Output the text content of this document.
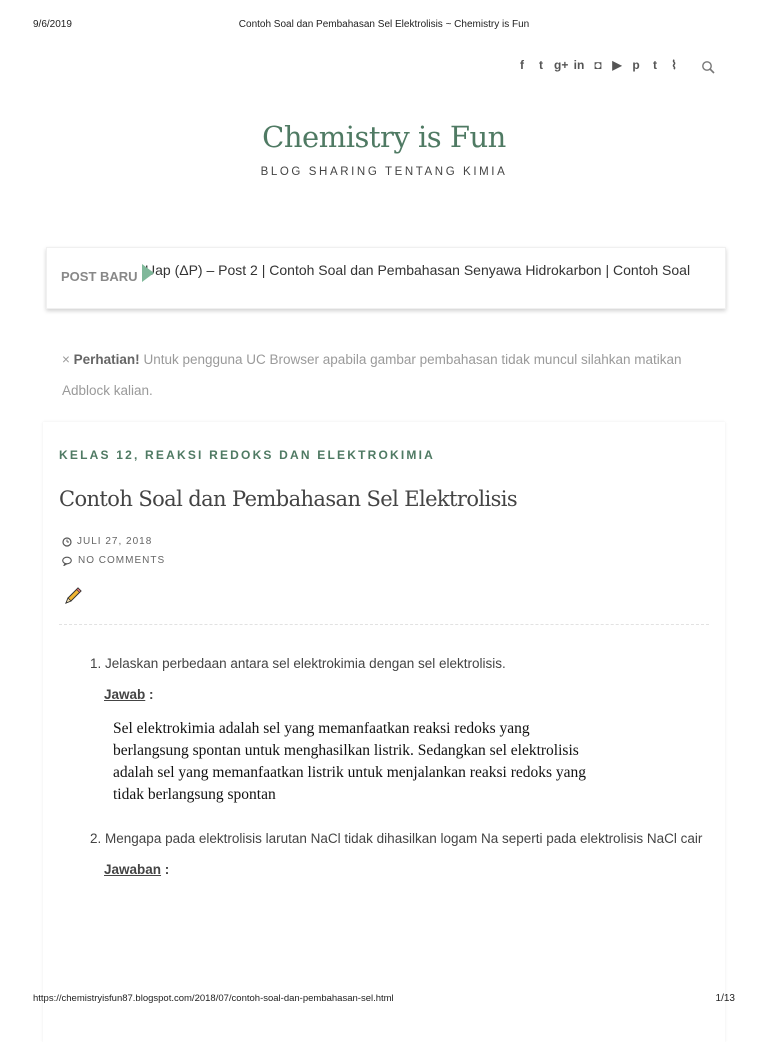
9/6/2019	Contoh Soal dan Pembahasan Sel Elektrolisis ~ Chemistry is Fun
f	t g+ in ◘ ▶ p	t	⌇
Chemistry is Fun
BLOG SHARING TENTANG KIMIA
POST BARU Uap (ΔP) – Post 2 | Contoh Soal dan Pembahasan Senyawa Hidrokarbon | Contoh Soal
× Perhatian! Untuk pengguna UC Browser apabila gambar pembahasan tidak muncul silahkan matikan Adblock kalian.
KELAS 12, REAKSI REDOKS DAN ELEKTROKIMIA
Contoh Soal dan Pembahasan Sel Elektrolisis
JULI 27, 2018
NO COMMENTS
1. Jelaskan perbedaan antara sel elektrokimia dengan sel elektrolisis.
Jawab :
Sel elektrokimia adalah sel yang memanfaatkan reaksi redoks yang
berlangsung spontan untuk menghasilkan listrik. Sedangkan sel elektrolisis
adalah sel yang memanfaatkan listrik untuk menjalankan reaksi redoks yang
tidak berlangsung spontan
2. Mengapa pada elektrolisis larutan NaCl tidak dihasilkan logam Na seperti pada elektrolisis NaCl cair
Jawaban :
https://chemistryisfun87.blogspot.com/2018/07/contoh-soal-dan-pembahasan-sel.html	1/13
